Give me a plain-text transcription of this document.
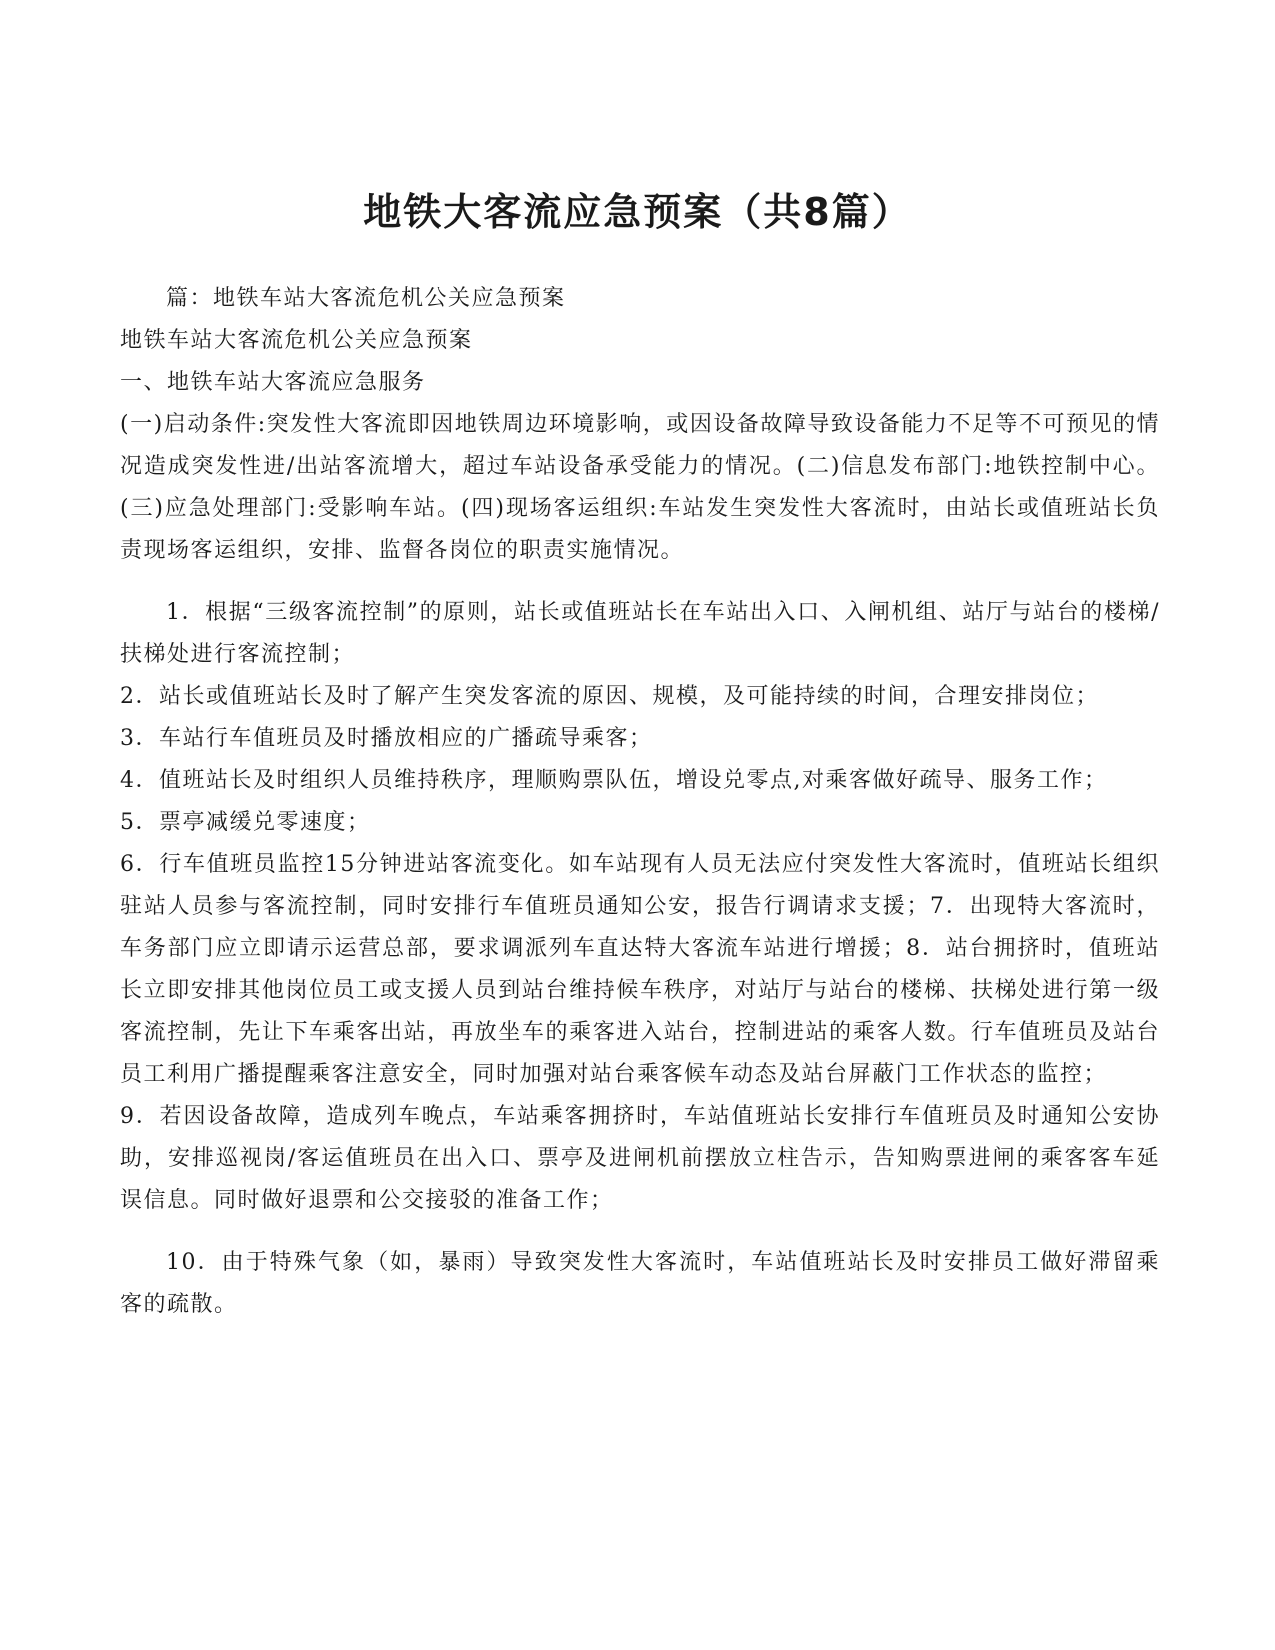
地铁大客流应急预案（共8篇）

篇：地铁车站大客流危机公关应急预案

地铁车站大客流危机公关应急预案

一、地铁车站大客流应急服务

(一)启动条件:突发性大客流即因地铁周边环境影响，或因设备故障导致设备能力不足等不可预见的情况造成突发性进/出站客流增大，超过车站设备承受能力的情况。(二)信息发布部门:地铁控制中心。(三)应急处理部门:受影响车站。(四)现场客运组织:车站发生突发性大客流时，由站长或值班站长负责现场客运组织，安排、监督各岗位的职责实施情况。

1．根据“三级客流控制”的原则，站长或值班站长在车站出入口、入闸机组、站厅与站台的楼梯/扶梯处进行客流控制；

2．站长或值班站长及时了解产生突发客流的原因、规模，及可能持续的时间，合理安排岗位；

3．车站行车值班员及时播放相应的广播疏导乘客；

4．值班站长及时组织人员维持秩序，理顺购票队伍，增设兑零点,对乘客做好疏导、服务工作；

5．票亭减缓兑零速度；

6．行车值班员监控15分钟进站客流变化。如车站现有人员无法应付突发性大客流时，值班站长组织驻站人员参与客流控制，同时安排行车值班员通知公安，报告行调请求支援；7．出现特大客流时，车务部门应立即请示运营总部，要求调派列车直达特大客流车站进行增援；8．站台拥挤时，值班站长立即安排其他岗位员工或支援人员到站台维持候车秩序，对站厅与站台的楼梯、扶梯处进行第一级客流控制，先让下车乘客出站，再放坐车的乘客进入站台，控制进站的乘客人数。行车值班员及站台员工利用广播提醒乘客注意安全，同时加强对站台乘客候车动态及站台屏蔽门工作状态的监控；

9．若因设备故障，造成列车晚点，车站乘客拥挤时，车站值班站长安排行车值班员及时通知公安协助，安排巡视岗/客运值班员在出入口、票亭及进闸机前摆放立柱告示，告知购票进闸的乘客客车延误信息。同时做好退票和公交接驳的准备工作；

10．由于特殊气象（如，暴雨）导致突发性大客流时，车站值班站长及时安排员工做好滞留乘客的疏散。
